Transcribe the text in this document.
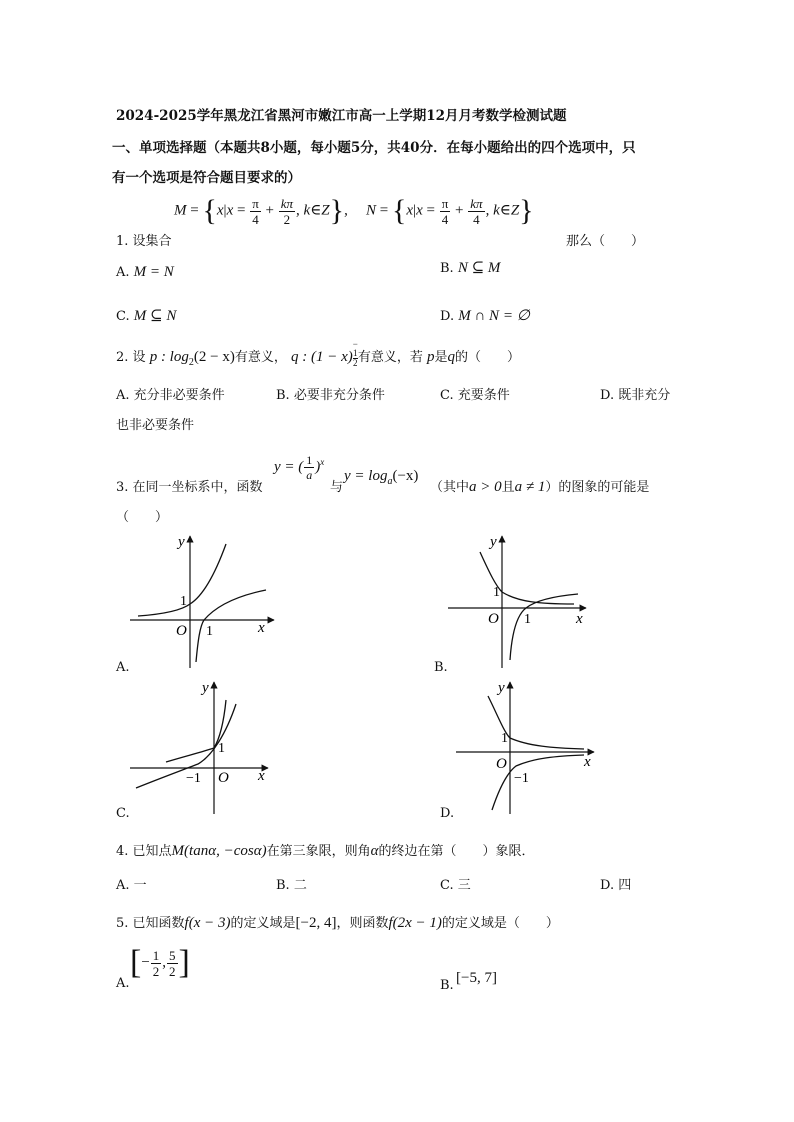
2024-2025学年黑龙江省黑河市嫩江市高一上学期12月月考数学检测试题
一、单项选择题（本题共8小题，每小题5分，共40分．在每小题给出的四个选项中，只
有一个选项是符合题目要求的）
1. 设集合
$M = \{x|x = \frac{\pi}{4} + \frac{k\pi}{2}$ , k∈Z}, $N = \{x|x = \frac{\pi}{4} + \frac{k\pi}{4}$ , k∈Z}
那么（　　）
A. M = N	B. N ⊆ M
C. M ⊆ N	D. M ∩ N = ∅
2. 设 p : $\log_2(2 - x)$有意义， q : (1 − x)
$^{- 1 2}$ 有意义，若 p是q的（　　）
A. 充分非必要条件	B. 必要非充分条件	C. 充要条件	D. 既非充分
也非必要条件
3. 在同一坐标系中，函数
y = ( $\frac{1}{a} )^x$
与
$y = \log_a(-x)$
（其中a > 0且a ≠ 1）的图象的可能是
（　　）
y
x
O
1
1
A.
y
x
O
1
1
B.
y
x
O
1
−1
C.
y
x
O
1
−1
D.
4. 已知点M(tanα, −cosα)在第三象限，则角α的终边在第（　　）象限．
A. 一	B. 二	C. 三	D. 四
5. 已知函数f(x − 3)的定义域是[−2, 4]，则函数f(2x − 1)的定义域是（　　）
A.
[− $\frac{1}{2}$ , $\frac{5}{2}$ ]
B. [−5, 7]
